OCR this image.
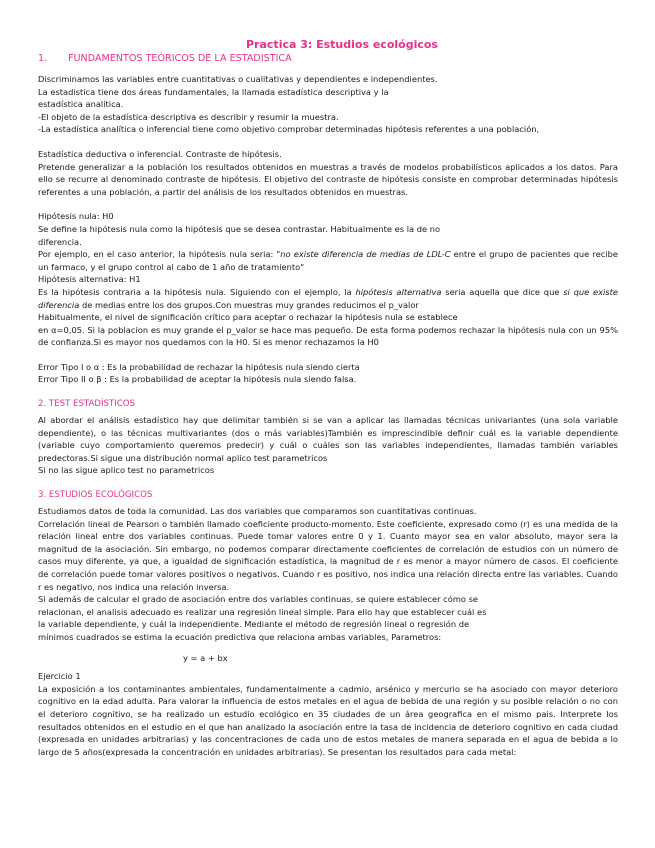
Practica 3: Estudios ecológicos
1. FUNDAMENTOS TEÓRICOS DE LA ESTADISTICA

Discriminamos las variables entre cuantitativas o cualitativas y dependientes e independientes.

La estadistica tiene dos áreas fundamentales, la llamada estadística descriptiva y la

estadística analítica.

-El objeto de la estadística descriptiva es describir y resumir la muestra.

-La estadística analítica o inferencial tiene como objetivo comprobar determinadas hipótesis referentes a una población,

Estadística deductiva o inferencial. Contraste de hipótesis.

Pretende generalizar a la población los resultados obtenidos en muestras a través de modelos probabilísticos aplicados a los datos. Para ello se recurre al denominado contraste de hipótesis. El objetivo del contraste de hipótesis consiste en comprobar determinadas hipótesis referentes a una población, a partir del análisis de los resultados obtenidos en muestras.

Hipótesis nula: H0

Se define la hipótesis nula como la hipótesis que se desea contrastar. Habitualmente es la de no

diferencia.

Por ejemplo, en el caso anterior, la hipótesis nula seria: "no existe diferencia de medias de LDL-C entre el grupo de pacientes que recibe un farmaco, y el grupo control al cabo de 1 año de tratamiento"

Hipótesis alternativa: H1

Es la hipótesis contraria a la hipótesis nula. Siguiendo con el ejemplo, la hipótesis alternativa seria aquella que dice que si que existe diferencia de medias entre los dos grupos.Con muestras muy grandes reducimos el p_valor

Habitualmente, el nivel de significación crítico para aceptar o rechazar la hipótesis nula se establece

en α=0,05. Si la poblacion es muy grande el p_valor se hace mas pequeño. De esta forma podemos rechazar la hipótesis nula con un 95% de confianza.Si es mayor nos quedamos con la H0. Si es menor rechazamos la H0

Error Tipo I o α : Es la probabilidad de rechazar la hipótesis nula siendo cierta

Error Tipo II o β : Es la probabilidad de aceptar la hipótesis nula siendo falsa.

2. TEST ESTADÍSTICOS

Al abordar el análisis estadístico hay que delimitar también si se van a aplicar las llamadas técnicas univariantes (una sola variable dependiente), o las técnicas multivariantes (dos o más variables)También es imprescindible definir cuál es la variable dependiente (variable cuyo comportamiento queremos predecir) y cuál o cuáles son las variables independientes, llamadas también variables predectoras.Si sigue una distribución normal aplico test parametricos

Si no las sigue aplico test no parametricos

3. ESTUDIOS ECOLÓGICOS

Estudiamos datos de toda la comunidad. Las dos variables que comparamos son cuantitativas continuas.

Correlación lineal de Pearson o también llamado coeficiente producto-momento. Este coeficiente, expresado como (r) es una medida de la relación lineal entre dos variables continuas. Puede tomar valores entre 0 y 1. Cuanto mayor sea en valor absoluto, mayor sera la magnitud de la asociación. Sin embargo, no podemos comparar directamente coeficientes de correlación de estudios con un número de casos muy diferente, ya que, a igualdad de significación estadística, la magnitud de r es menor a mayor número de casos. El coeficiente de correlación puede tomar valores positivos o negativos. Cuando r es positivo, nos indica una relación directa entre las variables. Cuando r es negativo, nos indica una relación inversa.

Si además de calcular el grado de asociación entre dos variables continuas, se quiere establecer cómo se

relacionan, el analisis adecuado es realizar una regresión lineal simple. Para ello hay que establecer cuál es

la variable dependiente, y cuál la independiente. Mediante el método de regresión lineal o regresión de

mínimos cuadrados se estima la ecuación predictiva que relaciona ambas variables, Parametros:

y = a + bx

Ejercicio 1

La exposición a los contaminantes ambientales, fundamentalmente a cadmio, arsénico y mercurio se ha asociado con mayor deterioro cognitivo en la edad adulta. Para valorar la influencia de estos metales en el agua de bebida de una región y su posible relación o no con el deterioro cognitivo, se ha realizado un estudio ecológico en 35 ciudades de un área geografica en el mismo pais. Interprete los resultados obtenidos en el estudio en el que han analizado la asociación entre la tasa de incidencia de deterioro cognitivo en cada ciudad (expresada en unidades arbitrarias) y las concentraciones de cada uno de estos metales de manera separada en el agua de bebida a lo largo de 5 años(expresada la concentración en unidades arbitrarias). Se presentan los resultados para cada metal:
